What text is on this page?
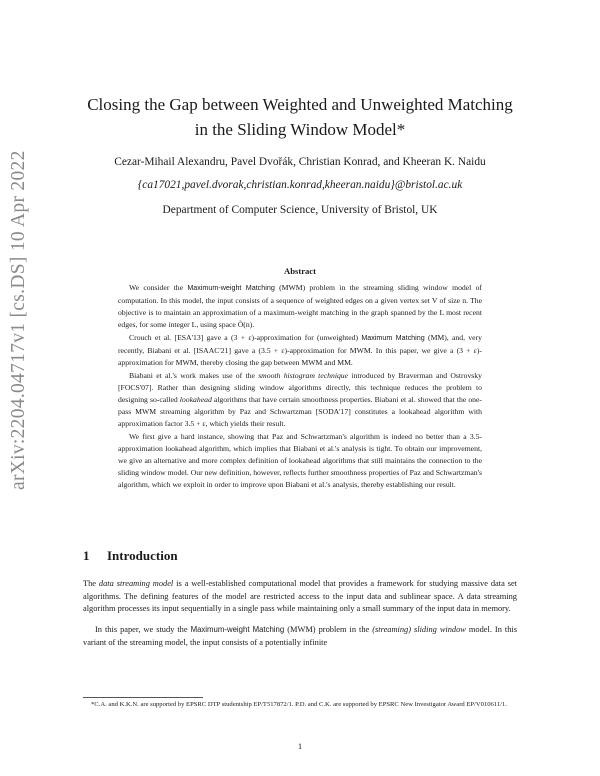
arXiv:2204.04717v1 [cs.DS] 10 Apr 2022
Closing the Gap between Weighted and Unweighted Matching in the Sliding Window Model*
Cezar-Mihail Alexandru, Pavel Dvořák, Christian Konrad, and Kheeran K. Naidu
{ca17021,pavel.dvorak,christian.konrad,kheeran.naidu}@bristol.ac.uk
Department of Computer Science, University of Bristol, UK
Abstract

We consider the Maximum-weight Matching (MWM) problem in the streaming sliding window model of computation. In this model, the input consists of a sequence of weighted edges on a given vertex set V of size n. The objective is to maintain an approximation of a maximum-weight matching in the graph spanned by the L most recent edges, for some integer L, using space Õ(n).

Crouch et al. [ESA'13] gave a (3 + ε)-approximation for (unweighted) Maximum Matching (MM), and, very recently, Biabani et al. [ISAAC'21] gave a (3.5 + ε)-approximation for MWM. In this paper, we give a (3 + ε)-approximation for MWM, thereby closing the gap between MWM and MM.

Biabani et al.'s work makes use of the smooth histogram technique introduced by Braverman and Ostrovsky [FOCS'07]. Rather than designing sliding window algorithms directly, this technique reduces the problem to designing so-called lookahead algorithms that have certain smoothness properties. Biabani et al. showed that the one-pass MWM streaming algorithm by Paz and Schwartzman [SODA'17] constitutes a lookahead algorithm with approximation factor 3.5 + ε, which yields their result.

We first give a hard instance, showing that Paz and Schwartzman's algorithm is indeed no better than a 3.5-approximation lookahead algorithm, which implies that Biabani et al.'s analysis is tight. To obtain our improvement, we give an alternative and more complex definition of lookahead algorithms that still maintains the connection to the sliding window model. Our new definition, however, reflects further smoothness properties of Paz and Schwartzman's algorithm, which we exploit in order to improve upon Biabani et al.'s analysis, thereby establishing our result.

1 Introduction

The data streaming model is a well-established computational model that provides a framework for studying massive data set algorithms. The defining features of the model are restricted access to the input data and sublinear space. A data streaming algorithm processes its input sequentially in a single pass while maintaining only a small summary of the input data in memory.

In this paper, we study the Maximum-weight Matching (MWM) problem in the (streaming) sliding window model. In this variant of the streaming model, the input consists of a potentially infinite

*C.A. and K.K.N. are supported by EPSRC DTP studentship EP/T517872/1. P.D. and C.K. are supported by EPSRC New Investigator Award EP/V010611/1.
1
